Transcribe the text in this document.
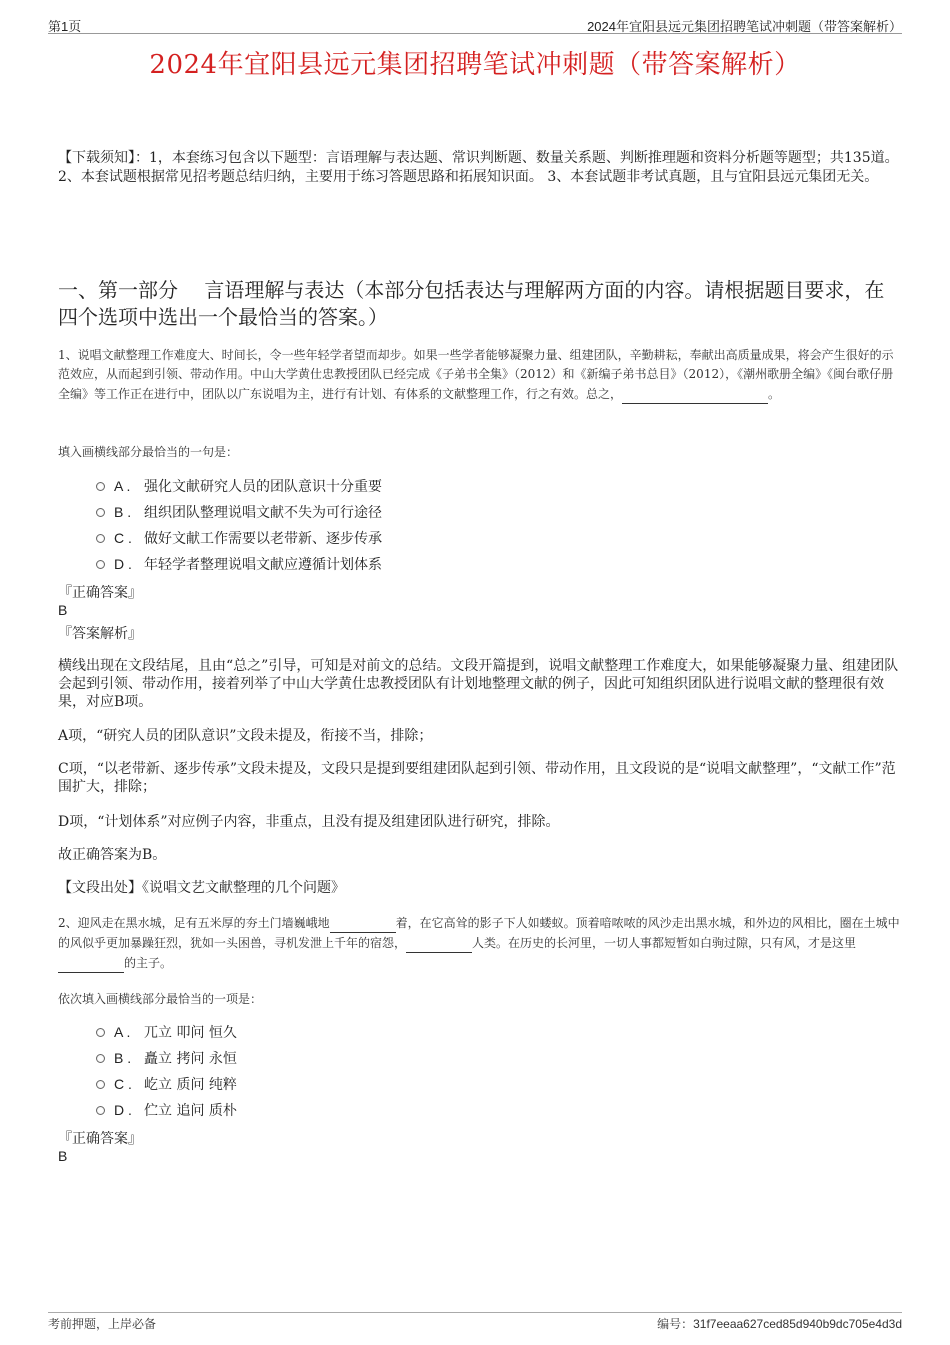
第1页	2024年宜阳县远元集团招聘笔试冲刺题（带答案解析）
2024年宜阳县远元集团招聘笔试冲刺题（带答案解析）
【下载须知】：1，本套练习包含以下题型：言语理解与表达题、常识判断题、数量关系题、判断推理题和资料分析题等题型；共135道。 2、本套试题根据常见招考题总结归纳，主要用于练习答题思路和拓展知识面。 3、本套试题非考试真题，且与宜阳县远元集团无关。
一、第一部分　 言语理解与表达（本部分包括表达与理解两方面的内容。请根据题目要求，在四个选项中选出一个最恰当的答案。）
1、说唱文献整理工作难度大、时间长，令一些年轻学者望而却步。如果一些学者能够凝聚力量、组建团队，辛勤耕耘，奉献出高质量成果，将会产生很好的示范效应，从而起到引领、带动作用。中山大学黄仕忠教授团队已经完成《子弟书全集》（2012）和《新编子弟书总目》（2012），《潮州歌册全编》《闽台歌仔册全编》等工作正在进行中，团队以广东说唱为主，进行有计划、有体系的文献整理工作，行之有效。总之，	。
填入画横线部分最恰当的一句是：
A . 强化文献研究人员的团队意识十分重要
B . 组织团队整理说唱文献不失为可行途径
C . 做好文献工作需要以老带新、逐步传承
D . 年轻学者整理说唱文献应遵循计划体系
『正确答案』
B
『答案解析』
横线出现在文段结尾，且由“总之”引导，可知是对前文的总结。文段开篇提到，说唱文献整理工作难度大，如果能够凝聚力量、组建团队会起到引领、带动作用，接着列举了中山大学黄仕忠教授团队有计划地整理文献的例子，因此可知组织团队进行说唱文献的整理很有效果，对应B项。
A项，“研究人员的团队意识”文段未提及，衔接不当，排除；
C项，“以老带新、逐步传承”文段未提及，文段只是提到要组建团队起到引领、带动作用，且文段说的是“说唱文献整理”，“文献工作”范围扩大，排除；
D项，“计划体系”对应例子内容，非重点，且没有提及组建团队进行研究，排除。
故正确答案为B。
【文段出处】《说唱文艺文献整理的几个问题》
2、迎风走在黑水城，足有五米厚的夯土门墙巍峨地	着，在它高耸的影子下人如蝼蚁。顶着喑哝哝的风沙走出黑水城，和外边的风相比，圈在土城中的风似乎更加暴躁狂烈，犹如一头困兽，寻机发泄上千年的宿怨，	人类。在历史的长河里，一切人事都短暂如白驹过隙，只有风，才是这里 的主子。
依次填入画横线部分最恰当的一项是：
A . 兀立 叩问 恒久
B . 矗立 拷问 永恒
C . 屹立 质问 纯粹
D . 伫立 追问 质朴
『正确答案』
B
考前押题，上岸必备	编号：31f7eeaa627ced85d940b9dc705e4d3d
